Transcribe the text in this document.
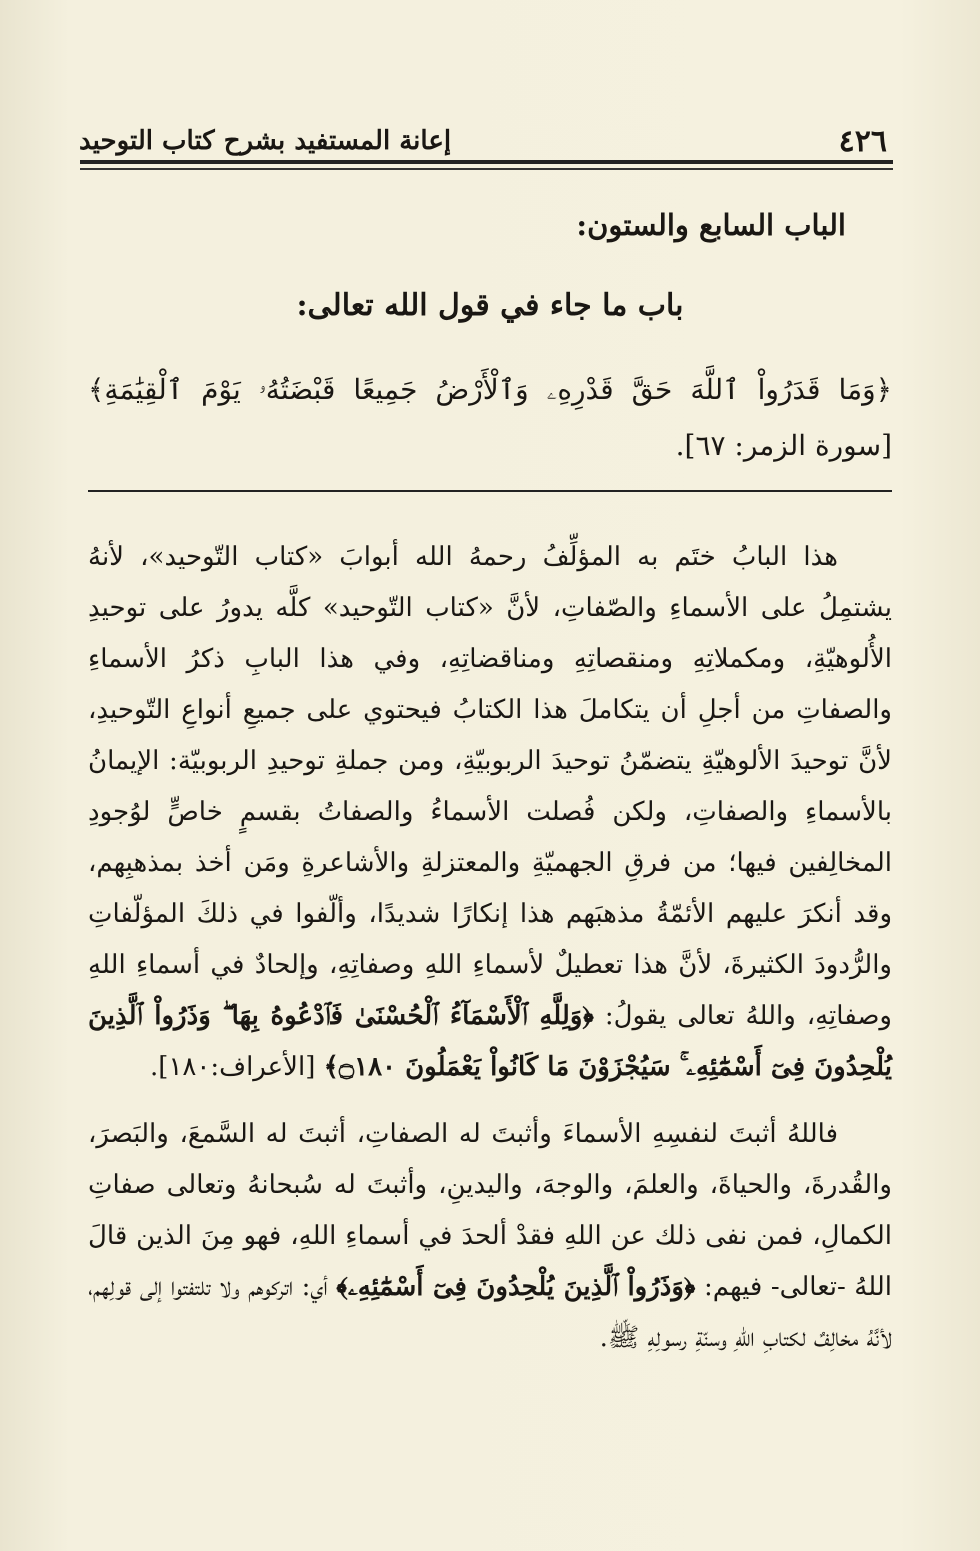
٤٢٦
إعانة المستفيد بشرح كتاب التوحيد
الباب السابع والستون:
باب ما جاء في قول الله تعالى:
﴿وَمَا قَدَرُواْ ٱللَّهَ حَقَّ قَدْرِهِۦ وَٱلْأَرْضُ جَمِيعًا قَبْضَتُهُۥ يَوْمَ ٱلْقِيَٰمَةِ﴾ [سورة الزمر: ٦٧].

هذا البابُ ختَم به المؤلِّفُ رحمهُ الله أبوابَ «كتاب التّوحيد»، لأنهُ يشتمِلُ على الأسماءِ والصّفاتِ، لأنَّ «كتاب التّوحيد» كلَّه يدورُ على توحيدِ الأُلوهيّةِ، ومكملاتِهِ ومنقصاتِهِ ومناقضاتِهِ، وفي هذا البابِ ذكرُ الأسماءِ والصفاتِ من أجلِ أن يتكاملَ هذا الكتابُ فيحتوي على جميعِ أنواعِ التّوحيدِ، لأنَّ توحيدَ الألوهيّةِ يتضمّنُ توحيدَ الربوبيّةِ، ومن جملةِ توحيدِ الربوبيّة: الإيمانُ بالأسماءِ والصفاتِ، ولكن فُصلت الأسماءُ والصفاتُ بقسمٍ خاصٍّ لوُجودِ المخالِفين فيها؛ من فرقِ الجهميّةِ والمعتزلةِ والأشاعرةِ ومَن أخذ بمذهبِهم، وقد أنكرَ عليهم الأئمّةُ مذهبَهم هذا إنكارًا شديدًا، وألّفوا في ذلكَ المؤلّفاتِ والرُّدودَ الكثيرةَ، لأنَّ هذا تعطيلٌ لأسماءِ اللهِ وصفاتِهِ، وإلحادٌ في أسماءِ اللهِ وصفاتِهِ، واللهُ تعالى يقولُ: ﴿وَلِلَّهِ ٱلْأَسْمَآءُ ٱلْحُسْنَىٰ فَٱدْعُوهُ بِهَا ۖ وَذَرُواْ ٱلَّذِينَ يُلْحِدُونَ فِىٓ أَسْمَٰٓئِهِۦ ۚ سَيُجْزَوْنَ مَا كَانُواْ يَعْمَلُونَ ۝١٨٠﴾ [الأعراف:١٨٠].

فاللهُ أثبتَ لنفسِهِ الأسماءَ وأثبتَ له الصفاتِ، أثبتَ له السَّمعَ، والبَصرَ، والقُدرةَ، والحياةَ، والعلمَ، والوجهَ، واليدينِ، وأثبتَ له سُبحانهُ وتعالى صفاتِ الكمالِ، فمن نفى ذلك عن اللهِ فقدْ ألحدَ في أسماءِ اللهِ، فهو مِنَ الذين قالَ اللهُ -تعالى- فيهم: ﴿وَذَرُواْ ٱلَّذِينَ يُلْحِدُونَ فِىٓ أَسْمَٰٓئِهِۦ﴾ أي: اتركوهم ولا تلتفتوا إلى قولِهم، لأنَّهُ مخالِفٌ لكتابِ اللهِ وسنّةِ رسولِهِ ﷺ.
